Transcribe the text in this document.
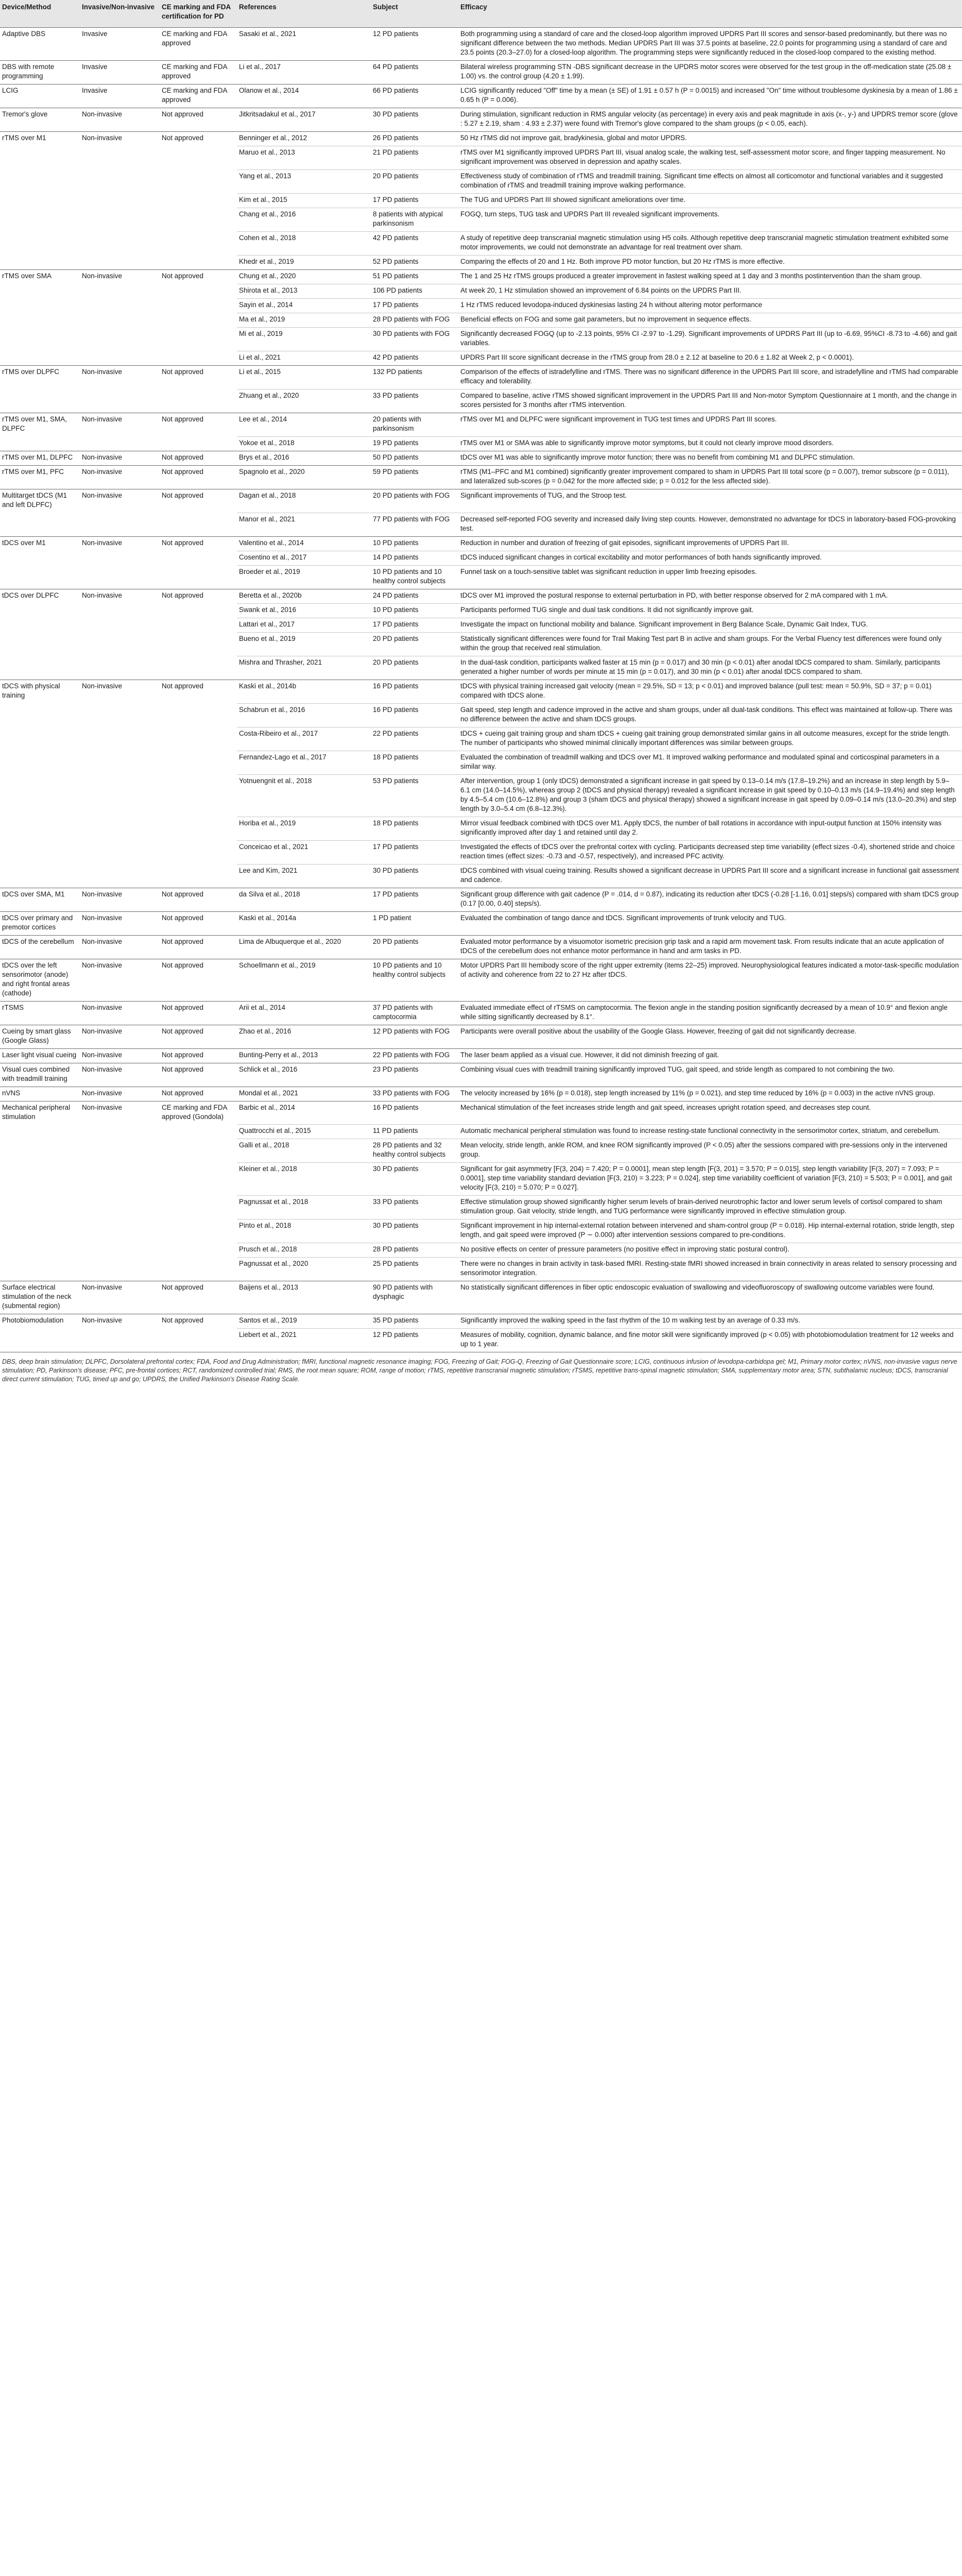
Device/Method	Invasive/Non-invasive	CE marking and FDA certification for PD	References	Subject	Efficacy
Adaptive DBS	Invasive	CE marking and FDA approved	Sasaki et al., 2021	12 PD patients	Both programming using a standard of care and the closed-loop algorithm improved UPDRS Part III scores and sensor-based predominantly, but there was no significant difference between the two methods. Median UPDRS Part III was 37.5 points at baseline, 22.0 points for programming using a standard of care and 23.5 points (20.3–27.0) for a closed-loop algorithm. The programming steps were significantly reduced in the closed-loop compared to the existing method.
DBS with remote programming	Invasive	CE marking and FDA approved	Li et al., 2017	64 PD patients	Bilateral wireless programming STN -DBS significant decrease in the UPDRS motor scores were observed for the test group in the off-medication state (25.08 ± 1.00) vs. the control group (4.20 ± 1.99).
LCIG	Invasive	CE marking and FDA approved	Olanow et al., 2014	66 PD patients	LCIG significantly reduced "Off" time by a mean (± SE) of 1.91 ± 0.57 h (P = 0.0015) and increased "On" time without troublesome dyskinesia by a mean of 1.86 ± 0.65 h (P = 0.006).
Tremor's glove	Non-invasive	Not approved	Jitkritsadakul et al., 2017	30 PD patients	During stimulation, significant reduction in RMS angular velocity (as percentage) in every axis and peak magnitude in axis (x-, y-) and UPDRS tremor score (glove : 5.27 ± 2.19, sham : 4.93 ± 2.37) were found with Tremor's glove compared to the sham groups (p < 0.05, each).
rTMS over M1	Non-invasive	Not approved	Benninger et al., 2012	26 PD patients	50 Hz rTMS did not improve gait, bradykinesia, global and motor UPDRS.
			Maruo et al., 2013	21 PD patients	rTMS over M1 significantly improved UPDRS Part III, visual analog scale, the walking test, self-assessment motor score, and finger tapping measurement. No significant improvement was observed in depression and apathy scales.
			Yang et al., 2013	20 PD patients	Effectiveness study of combination of rTMS and treadmill training. Significant time effects on almost all corticomotor and functional variables and it suggested combination of rTMS and treadmill training improve walking performance.
			Kim et al., 2015	17 PD patients	The TUG and UPDRS Part III showed significant ameliorations over time.
			Chang et al., 2016	8 patients with atypical parkinsonism	FOGQ, turn steps, TUG task and UPDRS Part III revealed significant improvements.
			Cohen et al., 2018	42 PD patients	A study of repetitive deep transcranial magnetic stimulation using H5 coils. Although repetitive deep transcranial magnetic stimulation treatment exhibited some motor improvements, we could not demonstrate an advantage for real treatment over sham.
			Khedr et al., 2019	52 PD patients	Comparing the effects of 20 and 1 Hz. Both improve PD motor function, but 20 Hz rTMS is more effective.
rTMS over SMA	Non-invasive	Not approved	Chung et al., 2020	51 PD patients	The 1 and 25 Hz rTMS groups produced a greater improvement in fastest walking speed at 1 day and 3 months postintervention than the sham group.
			Shirota et al., 2013	106 PD patients	At week 20, 1 Hz stimulation showed an improvement of 6.84 points on the UPDRS Part III.
			Sayin et al., 2014	17 PD patients	1 Hz rTMS reduced levodopa-induced dyskinesias lasting 24 h without altering motor performance
			Ma et al., 2019	28 PD patients with FOG	Beneficial effects on FOG and some gait parameters, but no improvement in sequence effects.
			Mi et al., 2019	30 PD patients with FOG	Significantly decreased FOGQ (up to -2.13 points, 95% CI -2.97 to -1.29). Significant improvements of UPDRS Part III (up to -6.69, 95%CI -8.73 to -4.66) and gait variables.
			Li et al., 2021	42 PD patients	UPDRS Part III score significant decrease in the rTMS group from 28.0 ± 2.12 at baseline to 20.6 ± 1.82 at Week 2, p < 0.0001).
rTMS over DLPFC	Non-invasive	Not approved	Li et al., 2015	132 PD patients	Comparison of the effects of istradefylline and rTMS. There was no significant difference in the UPDRS Part III score, and istradefylline and rTMS had comparable efficacy and tolerability.
			Zhuang et al., 2020	33 PD patients	Compared to baseline, active rTMS showed significant improvement in the UPDRS Part III and Non-motor Symptom Questionnaire at 1 month, and the change in scores persisted for 3 months after rTMS intervention.
rTMS over M1, SMA, DLPFC	Non-invasive	Not approved	Lee et al., 2014	20 patients with parkinsonism	rTMS over M1 and DLPFC were significant improvement in TUG test times and UPDRS Part III scores.
			Yokoe et al., 2018	19 PD patients	rTMS over M1 or SMA was able to significantly improve motor symptoms, but it could not clearly improve mood disorders.
rTMS over M1, DLPFC	Non-invasive	Not approved	Brys et al., 2016	50 PD patients	tDCS over M1 was able to significantly improve motor function; there was no benefit from combining M1 and DLPFC stimulation.
rTMS over M1, PFC	Non-invasive	Not approved	Spagnolo et al., 2020	59 PD patients	rTMS (M1–PFC and M1 combined) significantly greater improvement compared to sham in UPDRS Part III total score (p = 0.007), tremor subscore (p = 0.011), and lateralized sub-scores (p = 0.042 for the more affected side; p = 0.012 for the less affected side).
Multitarget tDCS (M1 and left DLPFC)	Non-invasive	Not approved	Dagan et al., 2018	20 PD patients with FOG	Significant improvements of TUG, and the Stroop test.
			Manor et al., 2021	77 PD patients with FOG	Decreased self-reported FOG severity and increased daily living step counts. However, demonstrated no advantage for tDCS in laboratory-based FOG-provoking test.
tDCS over M1	Non-invasive	Not approved	Valentino et al., 2014	10 PD patients	Reduction in number and duration of freezing of gait episodes, significant improvements of UPDRS Part III.
			Cosentino et al., 2017	14 PD patients	tDCS induced significant changes in cortical excitability and motor performances of both hands significantly improved.
			Broeder et al., 2019	10 PD patients and 10 healthy control subjects	Funnel task on a touch-sensitive tablet was significant reduction in upper limb freezing episodes.
tDCS over DLPFC	Non-invasive	Not approved	Beretta et al., 2020b	24 PD patients	tDCS over M1 improved the postural response to external perturbation in PD, with better response observed for 2 mA compared with 1 mA.
			Swank et al., 2016	10 PD patients	Participants performed TUG single and dual task conditions. It did not significantly improve gait.
			Lattari et al., 2017	17 PD patients	Investigate the impact on functional mobility and balance. Significant improvement in Berg Balance Scale, Dynamic Gait Index, TUG.
			Bueno et al., 2019	20 PD patients	Statistically significant differences were found for Trail Making Test part B in active and sham groups. For the Verbal Fluency test differences were found only within the group that received real stimulation.
			Mishra and Thrasher, 2021	20 PD patients	In the dual-task condition, participants walked faster at 15 min (p = 0.017) and 30 min (p < 0.01) after anodal tDCS compared to sham. Similarly, participants generated a higher number of words per minute at 15 min (p = 0.017), and 30 min (p < 0.01) after anodal tDCS compared to sham.
tDCS with physical training	Non-invasive	Not approved	Kaski et al., 2014b	16 PD patients	tDCS with physical training increased gait velocity (mean = 29.5%, SD = 13; p < 0.01) and improved balance (pull test: mean = 50.9%, SD = 37; p = 0.01) compared with tDCS alone.
			Schabrun et al., 2016	16 PD patients	Gait speed, step length and cadence improved in the active and sham groups, under all dual-task conditions. This effect was maintained at follow-up. There was no difference between the active and sham tDCS groups.
			Costa-Ribeiro et al., 2017	22 PD patients	tDCS + cueing gait training group and sham tDCS + cueing gait training group demonstrated similar gains in all outcome measures, except for the stride length. The number of participants who showed minimal clinically important differences was similar between groups.
			Fernandez-Lago et al., 2017	18 PD patients	Evaluated the combination of treadmill walking and tDCS over M1. It improved walking performance and modulated spinal and corticospinal parameters in a similar way.
			Yotnuengnit et al., 2018	53 PD patients	After intervention, group 1 (only tDCS) demonstrated a significant increase in gait speed by 0.13–0.14 m/s (17.8–19.2%) and an increase in step length by 5.9–6.1 cm (14.0–14.5%), whereas group 2 (tDCS and physical therapy) revealed a significant increase in gait speed by 0.10–0.13 m/s (14.9–19.4%) and step length by 4.5–5.4 cm (10.6–12.8%) and group 3 (sham tDCS and physical therapy) showed a significant increase in gait speed by 0.09–0.14 m/s (13.0–20.3%) and step length by 3.0–5.4 cm (6.8–12.3%).
			Horiba et al., 2019	18 PD patients	Mirror visual feedback combined with tDCS over M1. Apply tDCS, the number of ball rotations in accordance with input-output function at 150% intensity was significantly improved after day 1 and retained until day 2.
			Conceicao et al., 2021	17 PD patients	Investigated the effects of tDCS over the prefrontal cortex with cycling. Participants decreased step time variability (effect sizes -0.4), shortened stride and choice reaction times (effect sizes: -0.73 and -0.57, respectively), and increased PFC activity.
			Lee and Kim, 2021	30 PD patients	tDCS combined with visual cueing training. Results showed a significant decrease in UPDRS Part III score and a significant increase in functional gait assessment and cadence.
tDCS over SMA, M1	Non-invasive	Not approved	da Silva et al., 2018	17 PD patients	Significant group difference with gait cadence (P = .014, d = 0.87), indicating its reduction after tDCS (-0.28 [-1.16, 0.01] steps/s) compared with sham tDCS group (0.17 [0.00, 0.40] steps/s).
tDCS over primary and premotor cortices	Non-invasive	Not approved	Kaski et al., 2014a	1 PD patient	Evaluated the combination of tango dance and tDCS. Significant improvements of trunk velocity and TUG.
tDCS of the cerebellum	Non-invasive	Not approved	Lima de Albuquerque et al., 2020	20 PD patients	Evaluated motor performance by a visuomotor isometric precision grip task and a rapid arm movement task. From results indicate that an acute application of tDCS of the cerebellum does not enhance motor performance in hand and arm tasks in PD.
tDCS over the left sensorimotor (anode) and right frontal areas (cathode)	Non-invasive	Not approved	Schoellmann et al., 2019	10 PD patients and 10 healthy control subjects	Motor UPDRS Part III hemibody score of the right upper extremity (items 22–25) improved. Neurophysiological features indicated a motor-task-specific modulation of activity and coherence from 22 to 27 Hz after tDCS.
rTSMS	Non-invasive	Not approved	Arii et al., 2014	37 PD patients with camptocormia	Evaluated immediate effect of rTSMS on camptocormia. The flexion angle in the standing position significantly decreased by a mean of 10.9° and flexion angle while sitting significantly decreased by 8.1°.
Cueing by smart glass (Google Glass)	Non-invasive	Not approved	Zhao et al., 2016	12 PD patients with FOG	Participants were overall positive about the usability of the Google Glass. However, freezing of gait did not significantly decrease.
Laser light visual cueing	Non-invasive	Not approved	Bunting-Perry et al., 2013	22 PD patients with FOG	The laser beam applied as a visual cue. However, it did not diminish freezing of gait.
Visual cues combined with treadmill training	Non-invasive	Not approved	Schlick et al., 2016	23 PD patients	Combining visual cues with treadmill training significantly improved TUG, gait speed, and stride length as compared to not combining the two.
nVNS	Non-invasive	Not approved	Mondal et al., 2021	33 PD patients with FOG	The velocity increased by 16% (p = 0.018), step length increased by 11% (p = 0.021), and step time reduced by 16% (p = 0.003) in the active nVNS group.
Mechanical peripheral stimulation	Non-invasive	CE marking and FDA approved (Gondola)	Barbic et al., 2014	16 PD patients	Mechanical stimulation of the feet increases stride length and gait speed, increases upright rotation speed, and decreases step count.
			Quattrocchi et al., 2015	11 PD patients	Automatic mechanical peripheral stimulation was found to increase resting-state functional connectivity in the sensorimotor cortex, striatum, and cerebellum.
			Galli et al., 2018	28 PD patients and 32 healthy control subjects	Mean velocity, stride length, ankle ROM, and knee ROM significantly improved (P < 0.05) after the sessions compared with pre-sessions only in the intervened group.
			Kleiner et al., 2018	30 PD patients	Significant for gait asymmetry [F(3, 204) = 7.420; P = 0.0001], mean step length [F(3, 201) = 3.570; P = 0.015], step length variability [F(3, 207) = 7.093; P = 0.0001], step time variability standard deviation [F(3, 210) = 3.223; P = 0.024], step time variability coefficient of variation [F(3, 210) = 5.503; P = 0.001], and gait velocity [F(3, 210) = 5.070; P = 0.027].
			Pagnussat et al., 2018	33 PD patients	Effective stimulation group showed significantly higher serum levels of brain-derived neurotrophic factor and lower serum levels of cortisol compared to sham stimulation group. Gait velocity, stride length, and TUG performance were significantly improved in effective stimulation group.
			Pinto et al., 2018	30 PD patients	Significant improvement in hip internal-external rotation between intervened and sham-control group (P = 0.018). Hip internal-external rotation, stride length, step length, and gait speed were improved (P ∼ 0.000) after intervention sessions compared to pre-conditions.
			Prusch et al., 2018	28 PD patients	No positive effects on center of pressure parameters (no positive effect in improving static postural control).
			Pagnussat et al., 2020	25 PD patients	There were no changes in brain activity in task-based fMRI. Resting-state fMRI showed increased in brain connectivity in areas related to sensory processing and sensorimotor integration.
Surface electrical stimulation of the neck (submental region)	Non-invasive	Not approved	Baijens et al., 2013	90 PD patients with dysphagic	No statistically significant differences in fiber optic endoscopic evaluation of swallowing and videofluoroscopy of swallowing outcome variables were found.
Photobiomodulation	Non-invasive	Not approved	Santos et al., 2019	35 PD patients	Significantly improved the walking speed in the fast rhythm of the 10 m walking test by an average of 0.33 m/s.
			Liebert et al., 2021	12 PD patients	Measures of mobility, cognition, dynamic balance, and fine motor skill were significantly improved (p < 0.05) with photobiomodulation treatment for 12 weeks and up to 1 year.
DBS, deep brain stimulation; DLPFC, Dorsolateral prefrontal cortex; FDA, Food and Drug Administration; fMRI, functional magnetic resonance imaging; FOG, Freezing of Gait; FOG-Q, Freezing of Gait Questionnaire score; LCIG, continuous infusion of levodopa-carbidopa gel; M1, Primary motor cortex; nVNS, non-invasive vagus nerve stimulation; PD, Parkinson's disease; PFC, pre-frontal cortices; RCT, randomized controlled trial; RMS, the root mean square; ROM, range of motion; rTMS, repetitive transcranial magnetic stimulation; rTSMS, repetitive trans-spinal magnetic stimulation; SMA, supplementary motor area; STN, subthalamic nucleus; tDCS, transcranial direct current stimulation; TUG, timed up and go; UPDRS, the Unified Parkinson's Disease Rating Scale.
